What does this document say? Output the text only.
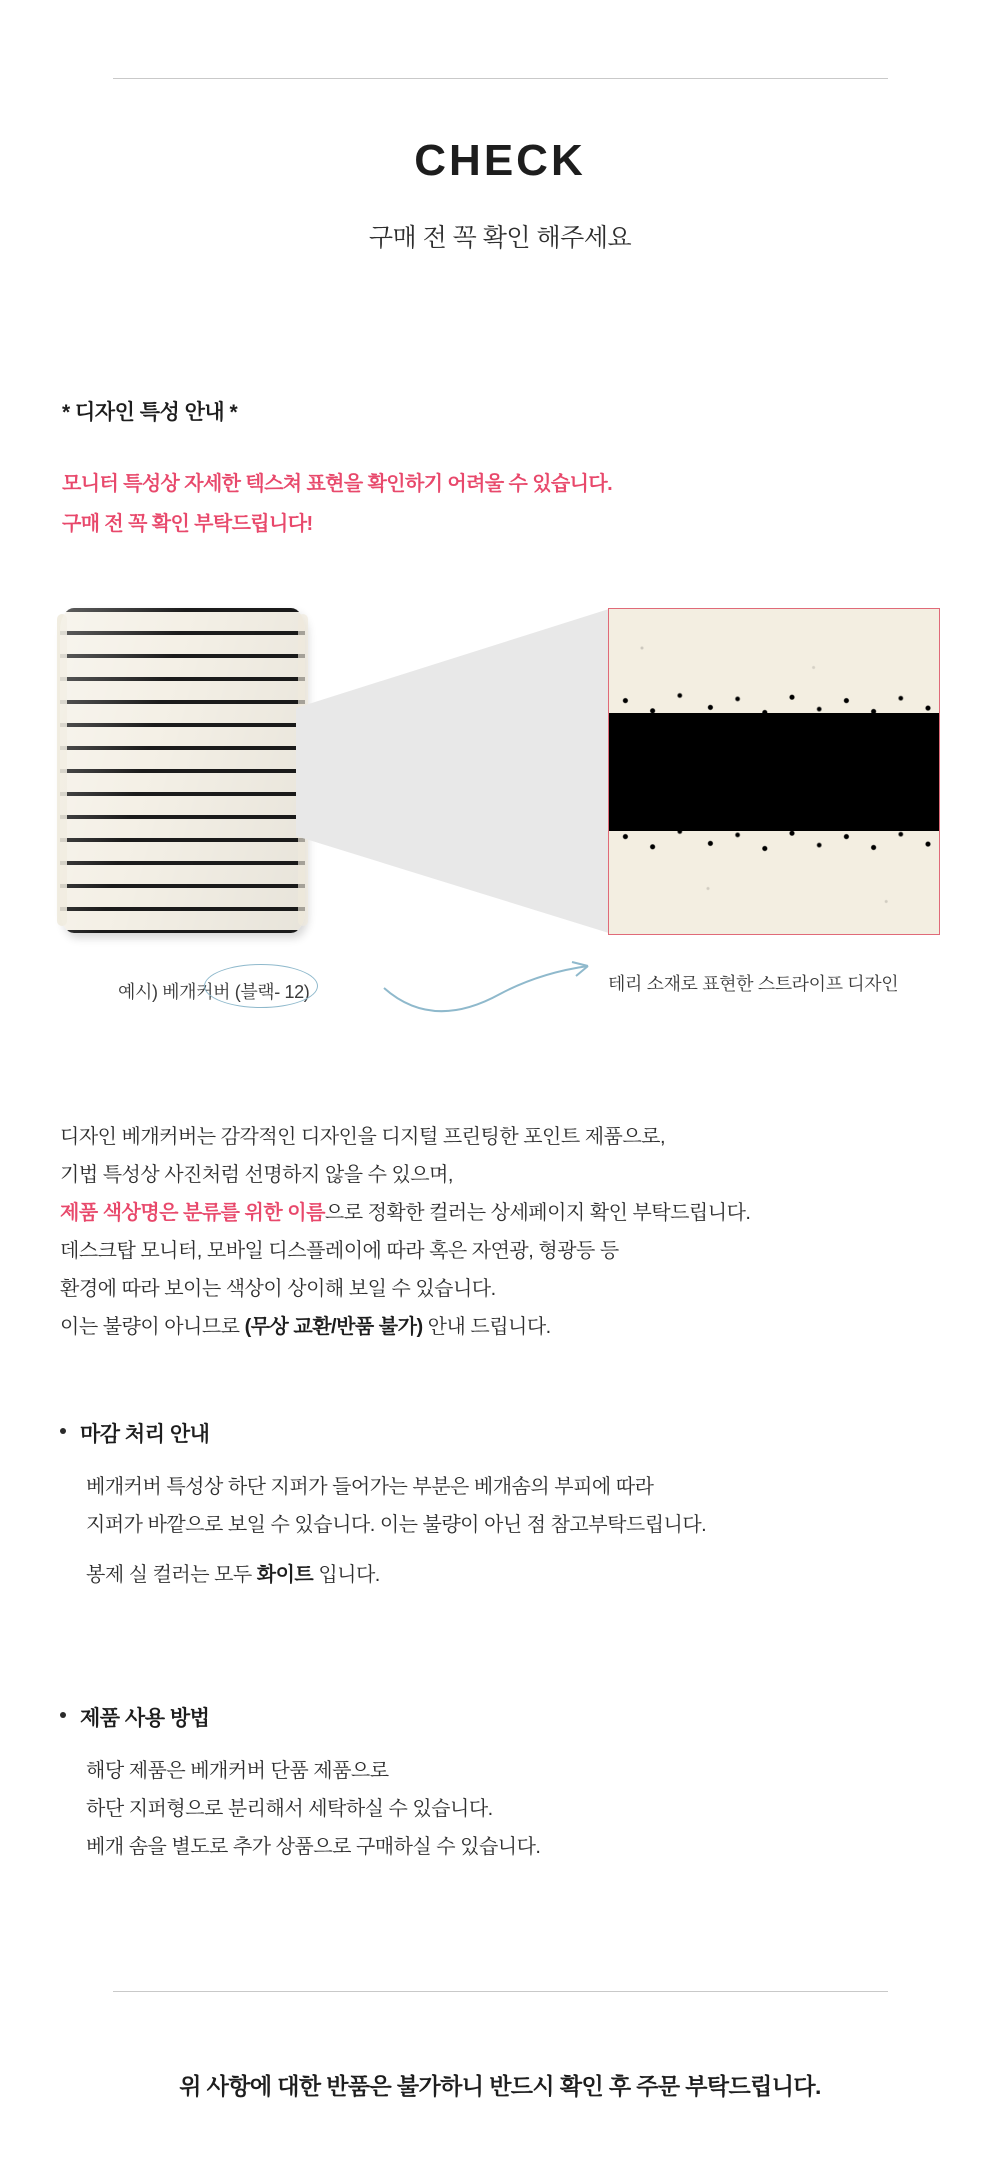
CHECK
구매 전 꼭 확인 해주세요
* 디자인 특성 안내 *
모니터 특성상 자세한 텍스쳐 표현을 확인하기 어려울 수 있습니다.
구매 전 꼭 확인 부탁드립니다!
예시) 베개커버 (블랙- 12)	테리 소재로 표현한 스트라이프 디자인
디자인 베개커버는 감각적인 디자인을 디지털 프린팅한 포인트 제품으로,
기법 특성상 사진처럼 선명하지 않을 수 있으며,
제품 색상명은 분류를 위한 이름으로 정확한 컬러는 상세페이지 확인 부탁드립니다.
데스크탑 모니터, 모바일 디스플레이에 따라 혹은 자연광, 형광등 등
환경에 따라 보이는 색상이 상이해 보일 수 있습니다.
이는 불량이 아니므로 (무상 교환/반품 불가) 안내 드립니다.
마감 처리 안내
베개커버 특성상 하단 지퍼가 들어가는 부분은 베개솜의 부피에 따라
지퍼가 바깥으로 보일 수 있습니다. 이는 불량이 아닌 점 참고부탁드립니다.
봉제 실 컬러는 모두 화이트 입니다.
제품 사용 방법
해당 제품은 베개커버 단품 제품으로
하단 지퍼형으로 분리해서 세탁하실 수 있습니다.
베개 솜을 별도로 추가 상품으로 구매하실 수 있습니다.
위 사항에 대한 반품은 불가하니 반드시 확인 후 주문 부탁드립니다.
